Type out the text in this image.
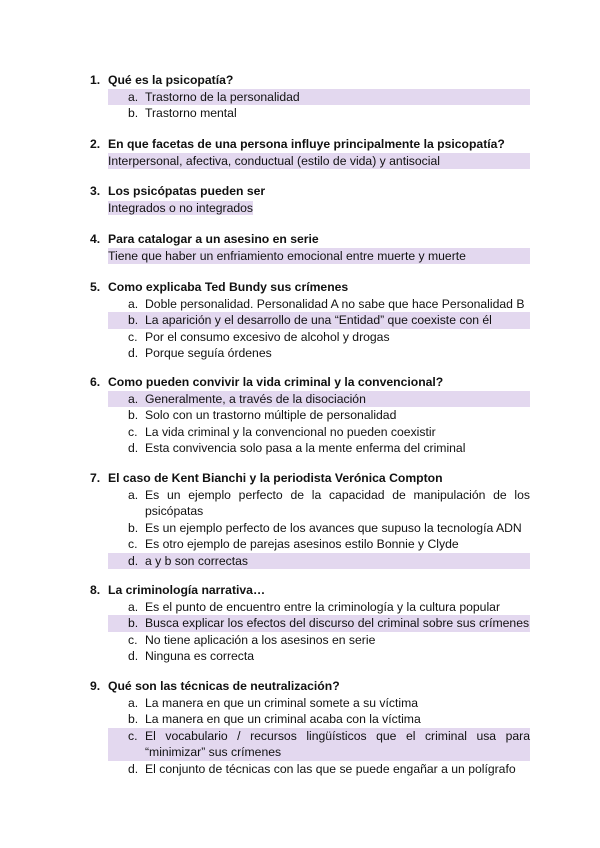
1. Qué es la psicopatía?
a. Trastorno de la personalidad
b. Trastorno mental
2. En que facetas de una persona influye principalmente la psicopatía?
Interpersonal, afectiva, conductual (estilo de vida) y antisocial
3. Los psicópatas pueden ser
Integrados o no integrados
4. Para catalogar a un asesino en serie
Tiene que haber un enfriamiento emocional entre muerte y muerte
5. Como explicaba Ted Bundy sus crímenes
a. Doble personalidad. Personalidad A no sabe que hace Personalidad B
b. La aparición y el desarrollo de una “Entidad” que coexiste con él
c. Por el consumo excesivo de alcohol y drogas
d. Porque seguía órdenes
6. Como pueden convivir la vida criminal y la convencional?
a. Generalmente, a través de la disociación
b. Solo con un trastorno múltiple de personalidad
c. La vida criminal y la convencional no pueden coexistir
d. Esta convivencia solo pasa a la mente enferma del criminal
7. El caso de Kent Bianchi y la periodista Verónica Compton
a. Es un ejemplo perfecto de la capacidad de manipulación de los psicópatas
b. Es un ejemplo perfecto de los avances que supuso la tecnología ADN
c. Es otro ejemplo de parejas asesinos estilo Bonnie y Clyde
d. a y b son correctas
8. La criminología narrativa…
a. Es el punto de encuentro entre la criminología y la cultura popular
b. Busca explicar los efectos del discurso del criminal sobre sus crímenes
c. No tiene aplicación a los asesinos en serie
d. Ninguna es correcta
9. Qué son las técnicas de neutralización?
a. La manera en que un criminal somete a su víctima
b. La manera en que un criminal acaba con la víctima
c. El vocabulario / recursos lingüísticos que el criminal usa para “minimizar” sus crímenes
d. El conjunto de técnicas con las que se puede engañar a un polígrafo
